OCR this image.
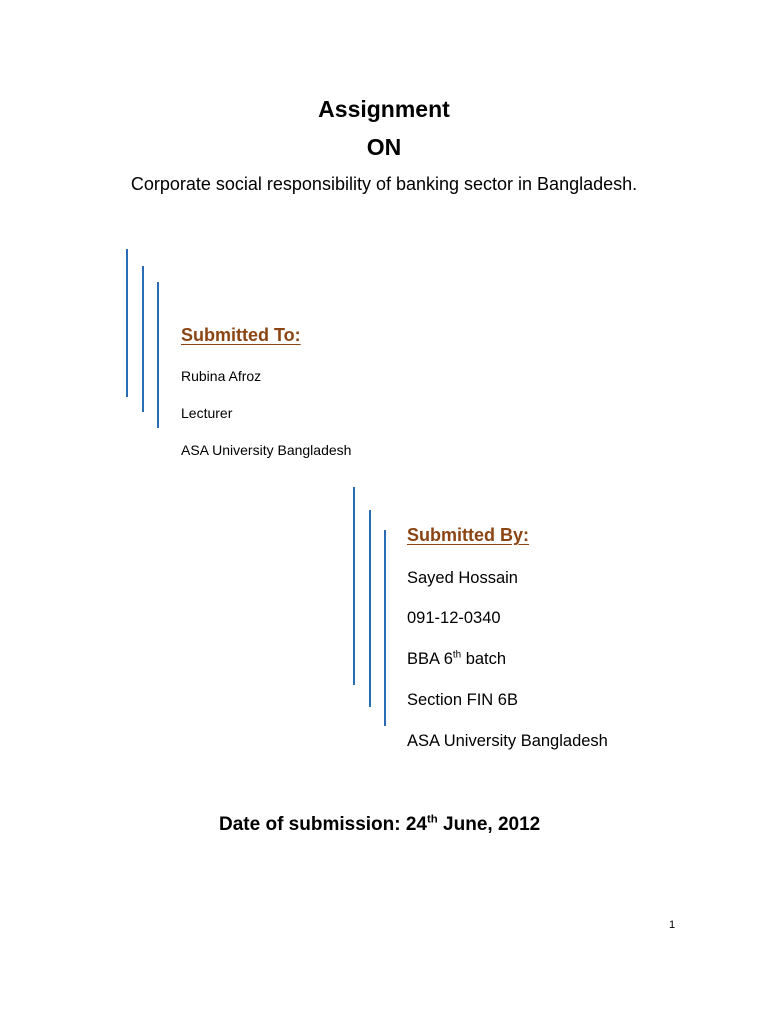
Assignment
ON
Corporate social responsibility of banking sector in Bangladesh.
Submitted To:
Rubina Afroz
Lecturer
ASA University Bangladesh
Submitted By:
Sayed Hossain
091-12-0340
BBA 6th batch
Section FIN 6B
ASA University Bangladesh
Date of submission: 24th June, 2012
1
